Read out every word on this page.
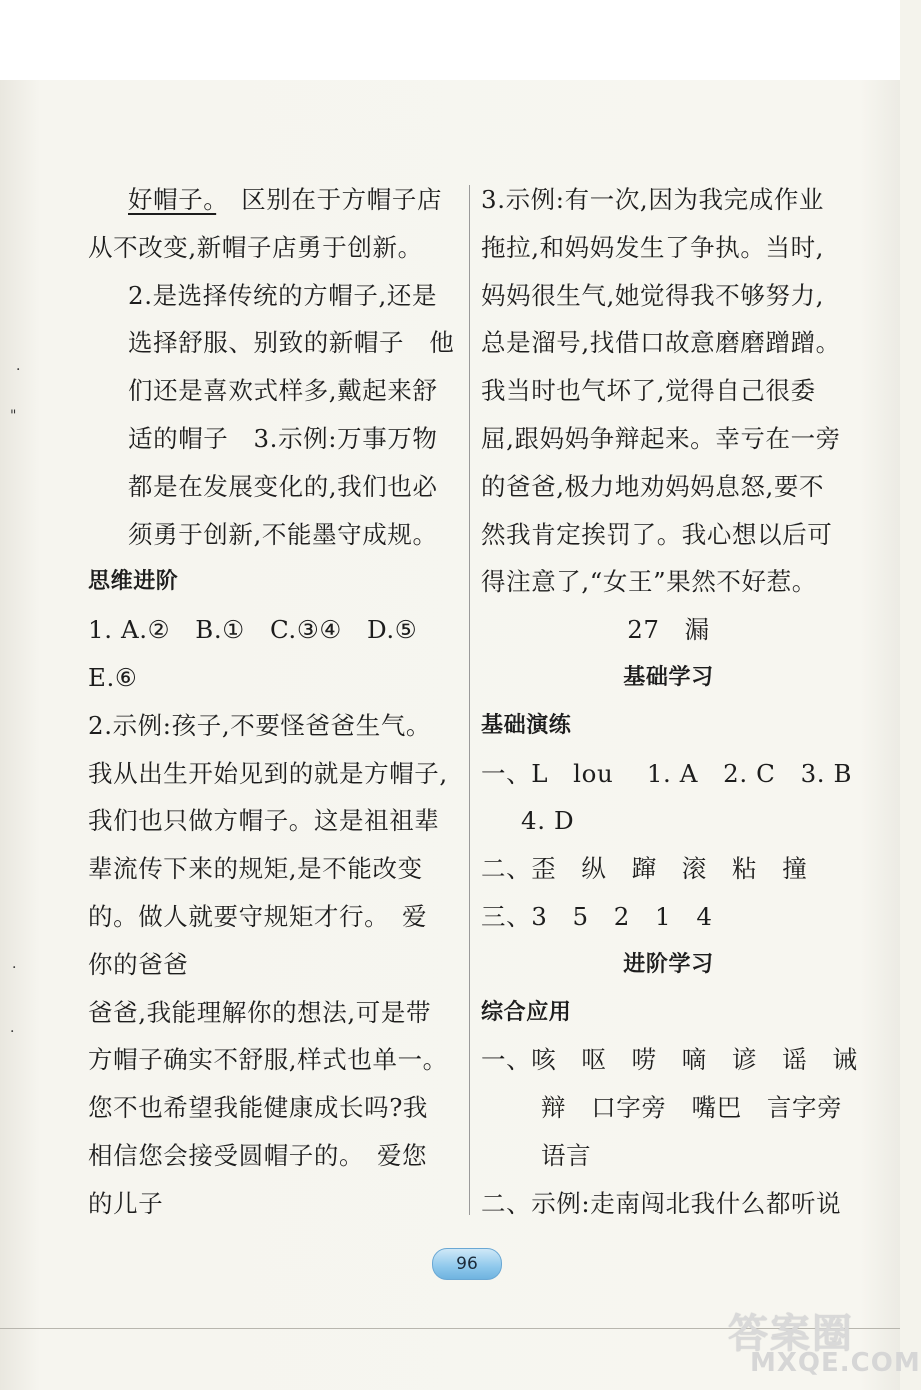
·
"
·
·
好帽子。　 区别在于方帽子店
从不改变,新帽子店勇于创新。
2.是选择传统的方帽子,还是
选择舒服、别致的新帽子　他
们还是喜欢式样多,戴起来舒
适的帽子　3.示例:万事万物
都是在发展变化的,我们也必
须勇于创新,不能墨守成规。
思维进阶
1. A.②　B.①　C.③④　D.⑤
E.⑥
2.示例:孩子,不要怪爸爸生气。
我从出生开始见到的就是方帽子,
我们也只做方帽子。这是祖祖辈
辈流传下来的规矩,是不能改变
的。做人就要守规矩才行。　爱
你的爸爸
爸爸,我能理解你的想法,可是带
方帽子确实不舒服,样式也单一。
您不也希望我能健康成长吗?我
相信您会接受圆帽子的。　爱您
的儿子
3.示例:有一次,因为我完成作业
拖拉,和妈妈发生了争执。当时,
妈妈很生气,她觉得我不够努力,
总是溜号,找借口故意磨磨蹭蹭。
我当时也气坏了,觉得自己很委
屈,跟妈妈争辩起来。幸亏在一旁
的爸爸,极力地劝妈妈息怒,要不
然我肯定挨罚了。我心想以后可
得注意了,“女王”果然不好惹。
27　漏
基础学习
基础演练
一、L　lou　 1. A　2. C　3. B
4. D
二、歪　纵　蹿　滚　粘　撞
三、3　5　2　1　4
进阶学习
综合应用
一、咳　呕　唠　嘀　谚　谣　诫
辩　口字旁　嘴巴　言字旁
语言
二、示例:走南闯北我什么都听说
96
答案圈
MXQE.COM
